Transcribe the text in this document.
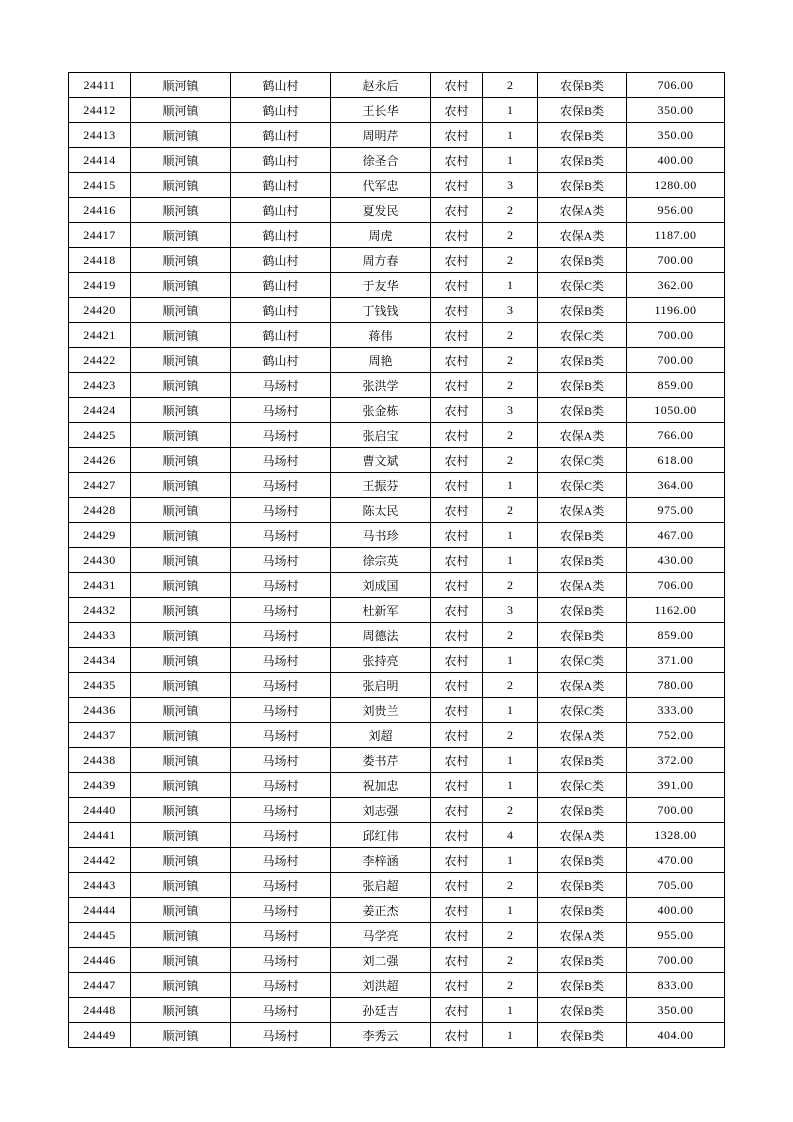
24411	顺河镇	鹤山村	赵永后	农村	2	农保B类	706.00
24412	顺河镇	鹤山村	王长华	农村	1	农保B类	350.00
24413	顺河镇	鹤山村	周明芹	农村	1	农保B类	350.00
24414	顺河镇	鹤山村	徐圣合	农村	1	农保B类	400.00
24415	顺河镇	鹤山村	代军忠	农村	3	农保B类	1280.00
24416	顺河镇	鹤山村	夏发民	农村	2	农保A类	956.00
24417	顺河镇	鹤山村	周虎	农村	2	农保A类	1187.00
24418	顺河镇	鹤山村	周方春	农村	2	农保B类	700.00
24419	顺河镇	鹤山村	于友华	农村	1	农保C类	362.00
24420	顺河镇	鹤山村	丁钱钱	农村	3	农保B类	1196.00
24421	顺河镇	鹤山村	蒋伟	农村	2	农保C类	700.00
24422	顺河镇	鹤山村	周艳	农村	2	农保B类	700.00
24423	顺河镇	马场村	张洪学	农村	2	农保B类	859.00
24424	顺河镇	马场村	张金栋	农村	3	农保B类	1050.00
24425	顺河镇	马场村	张启宝	农村	2	农保A类	766.00
24426	顺河镇	马场村	曹文斌	农村	2	农保C类	618.00
24427	顺河镇	马场村	王振芬	农村	1	农保C类	364.00
24428	顺河镇	马场村	陈太民	农村	2	农保A类	975.00
24429	顺河镇	马场村	马书珍	农村	1	农保B类	467.00
24430	顺河镇	马场村	徐宗英	农村	1	农保B类	430.00
24431	顺河镇	马场村	刘成国	农村	2	农保A类	706.00
24432	顺河镇	马场村	杜新军	农村	3	农保B类	1162.00
24433	顺河镇	马场村	周德法	农村	2	农保B类	859.00
24434	顺河镇	马场村	张持亮	农村	1	农保C类	371.00
24435	顺河镇	马场村	张启明	农村	2	农保A类	780.00
24436	顺河镇	马场村	刘贵兰	农村	1	农保C类	333.00
24437	顺河镇	马场村	刘超	农村	2	农保A类	752.00
24438	顺河镇	马场村	娄书芹	农村	1	农保B类	372.00
24439	顺河镇	马场村	祝加忠	农村	1	农保C类	391.00
24440	顺河镇	马场村	刘志强	农村	2	农保B类	700.00
24441	顺河镇	马场村	邱红伟	农村	4	农保A类	1328.00
24442	顺河镇	马场村	李梓涵	农村	1	农保B类	470.00
24443	顺河镇	马场村	张启超	农村	2	农保B类	705.00
24444	顺河镇	马场村	姜正杰	农村	1	农保B类	400.00
24445	顺河镇	马场村	马学亮	农村	2	农保A类	955.00
24446	顺河镇	马场村	刘二强	农村	2	农保B类	700.00
24447	顺河镇	马场村	刘洪超	农村	2	农保B类	833.00
24448	顺河镇	马场村	孙廷吉	农村	1	农保B类	350.00
24449	顺河镇	马场村	李秀云	农村	1	农保B类	404.00
